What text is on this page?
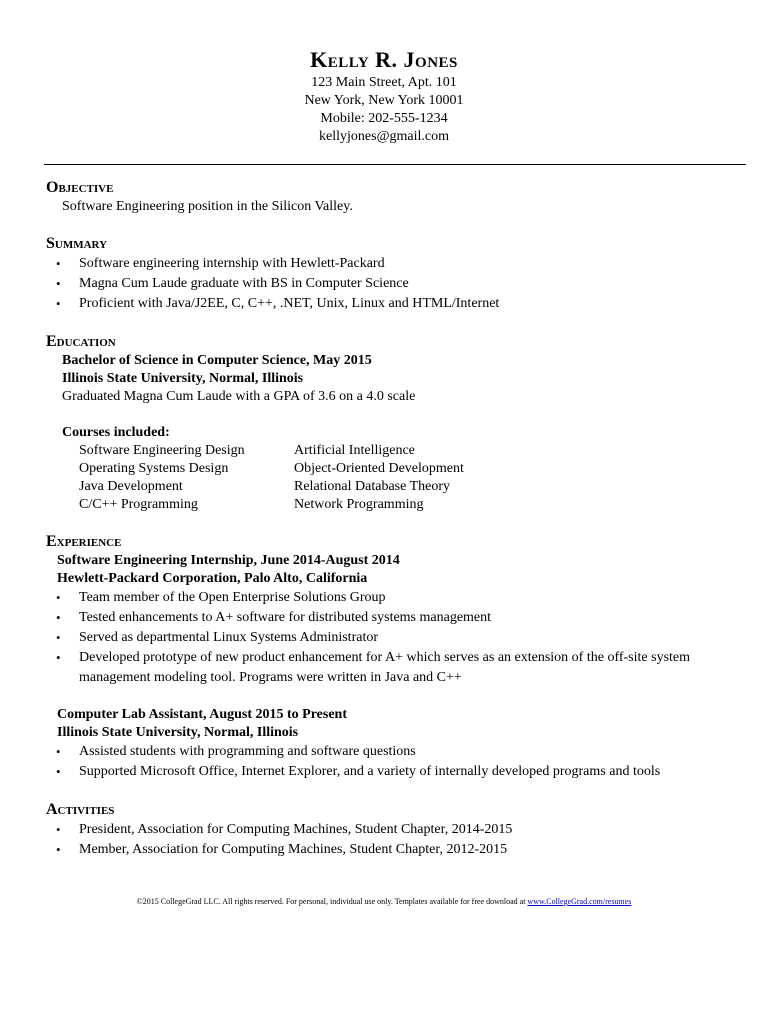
Kelly R. Jones
123 Main Street, Apt. 101
New York, New York 10001
Mobile: 202-555-1234
kellyjones@gmail.com
Objective
Software Engineering position in the Silicon Valley.
Summary
• Software engineering internship with Hewlett-Packard
• Magna Cum Laude graduate with BS in Computer Science
• Proficient with Java/J2EE, C, C++, .NET, Unix, Linux and HTML/Internet
Education
Bachelor of Science in Computer Science, May 2015
Illinois State University, Normal, Illinois
Graduated Magna Cum Laude with a GPA of 3.6 on a 4.0 scale
Courses included:
Software Engineering Design	Artificial Intelligence
Operating Systems Design	Object-Oriented Development
Java Development	Relational Database Theory
C/C++ Programming	Network Programming
Experience
Software Engineering Internship, June 2014-August 2014
Hewlett-Packard Corporation, Palo Alto, California
• Team member of the Open Enterprise Solutions Group
• Tested enhancements to A+ software for distributed systems management
• Served as departmental Linux Systems Administrator
• Developed prototype of new product enhancement for A+ which serves as an extension of the off-site system management modeling tool. Programs were written in Java and C++
Computer Lab Assistant, August 2015 to Present
Illinois State University, Normal, Illinois
• Assisted students with programming and software questions
• Supported Microsoft Office, Internet Explorer, and a variety of internally developed programs and tools
Activities
• President, Association for Computing Machines, Student Chapter, 2014-2015
• Member, Association for Computing Machines, Student Chapter, 2012-2015
©2015 CollegeGrad LLC. All rights reserved. For personal, individual use only. Templates available for free download at www.CollegeGrad.com/resumes
